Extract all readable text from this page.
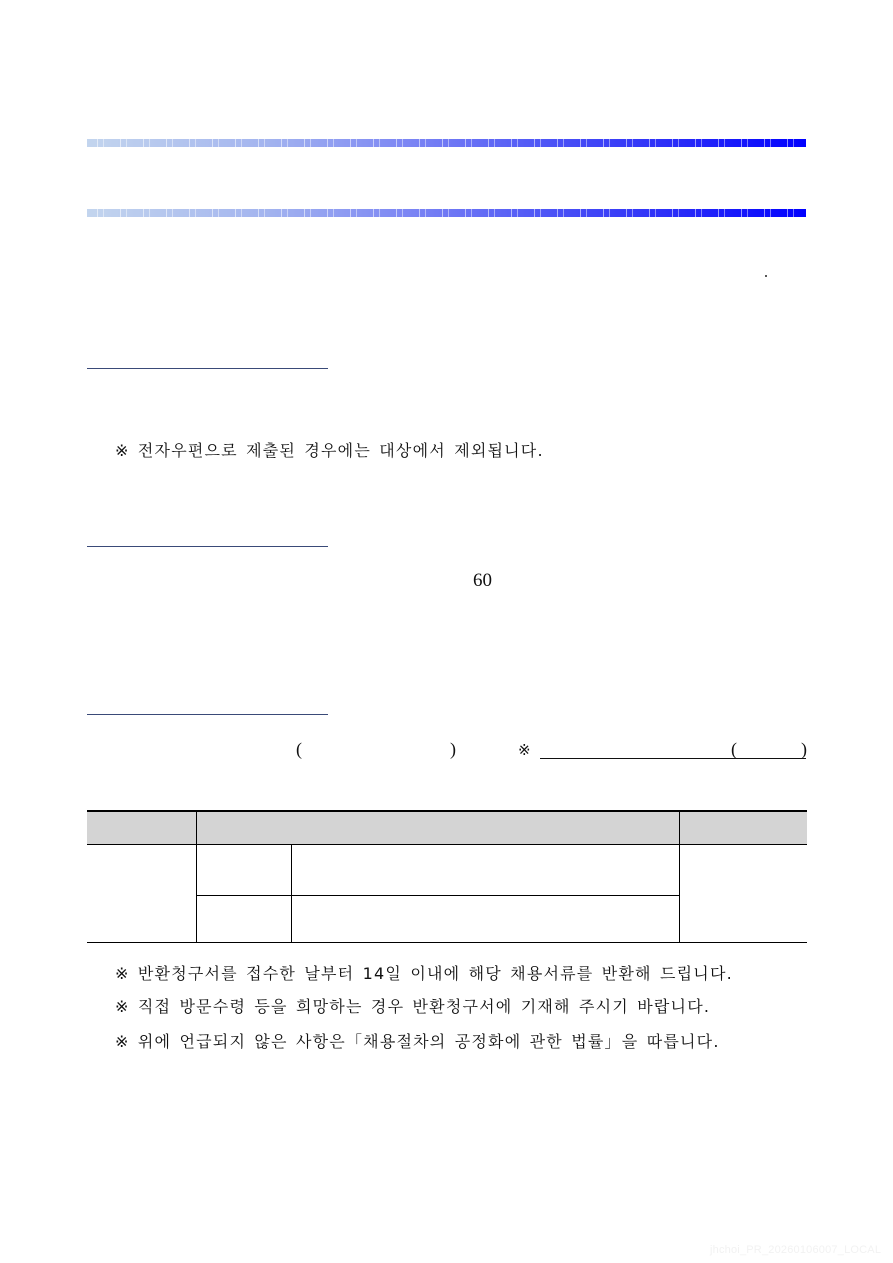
※ 전자우편으로 제출된 경우에는 대상에서 제외됩니다.
60
(	)	※	(	)
※ 반환청구서를 접수한 날부터 14일 이내에 해당 채용서류를 반환해 드립니다.
※ 직접 방문수령 등을 희망하는 경우 반환청구서에 기재해 주시기 바랍니다.
※ 위에 언급되지 않은 사항은「채용절차의 공정화에 관한 법률」을 따릅니다.
jhchoi_PR_20260106007_LOCAL
